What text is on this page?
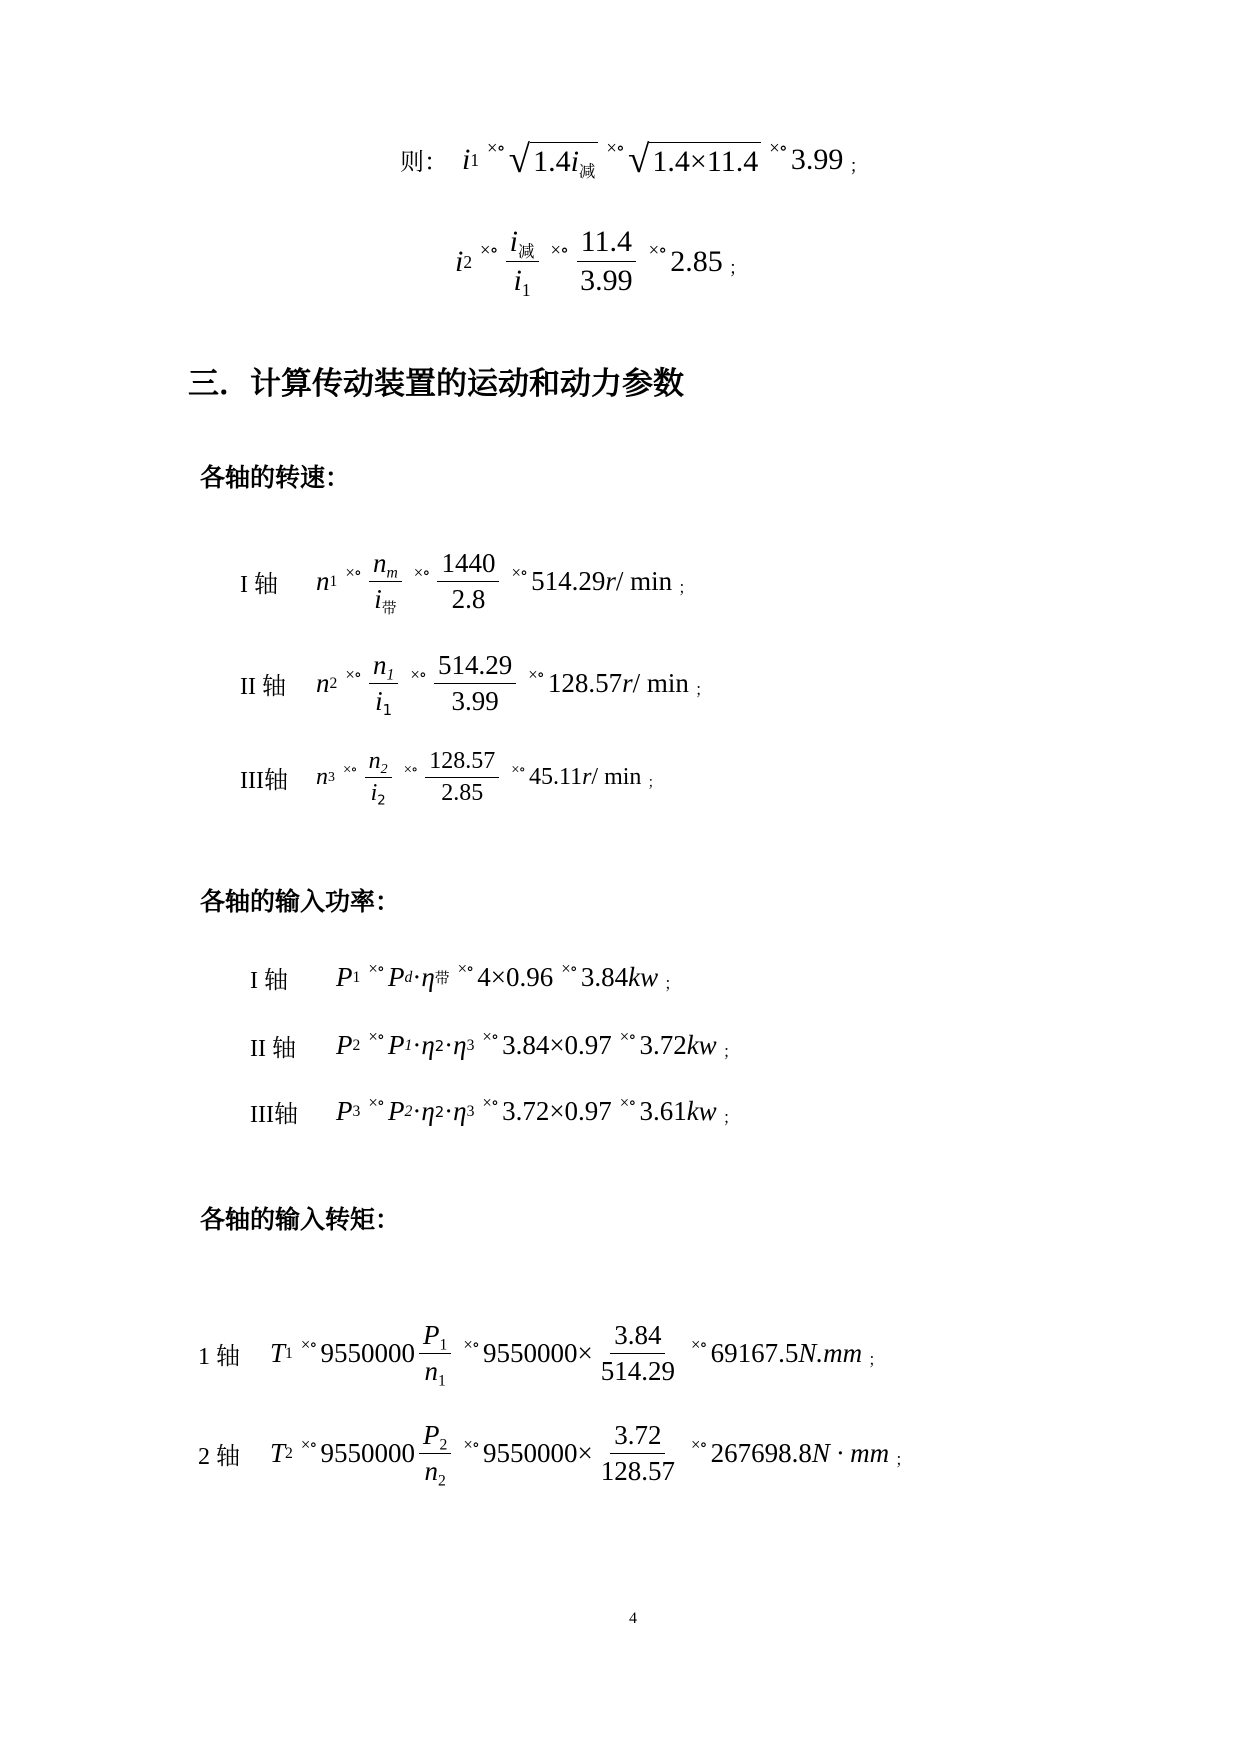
则： i 1
×∘ √ $1.4i_减$
×∘ √ 1.4×11.4 ×∘ 3.99 ；
i 2
×∘ $\frac{i_减}{i_1}$ ×∘ $\frac{11.4}{3.99}$ ×∘ 2.85 ；
三．计算传动装置的运动和动力参数
各轴的转速：
I 轴	n 1 ×∘ $\frac{n_m}{i_带}$ ×∘ $\frac{1440}{2.8}$ ×∘ 514.29 r / min ；
II 轴	n 2 ×∘ $\frac{n_1}{i_1}$ ×∘ $\frac{514.29}{3.99}$ ×∘ 128.57 r / min ；
III轴	n 3 ×∘ $\frac{n_2}{i_2}$ ×∘ $\frac{128.57}{2.85}$ ×∘ 45.11 r / min ；
各轴的输入功率：
I 轴	P 1 ×∘ P d · η 带 ×∘ 4×0.96 ×∘ 3.84 kw ；
II 轴	P 2 ×∘ P 1 · η 2 · η 3 ×∘ 3.84×0.97 ×∘ 3.72 kw ；
III轴	P 3 ×∘ P 2 · η 2 · η 3 ×∘ 3.72×0.97 ×∘ 3.61 kw ；
各轴的输入转矩：
1 轴	T 1 ×∘ $9550000 \frac{P_1}{n_1}$ ×∘ $9550000\times \frac{3.84}{514.29}$ ×∘ 69167.5 N.mm ；
2 轴	T 2 ×∘ $9550000 \frac{P_2}{n_2}$ ×∘ $9550000\times \frac{3.72}{128.57}$ ×∘ 267698.8 N · mm ；
4
